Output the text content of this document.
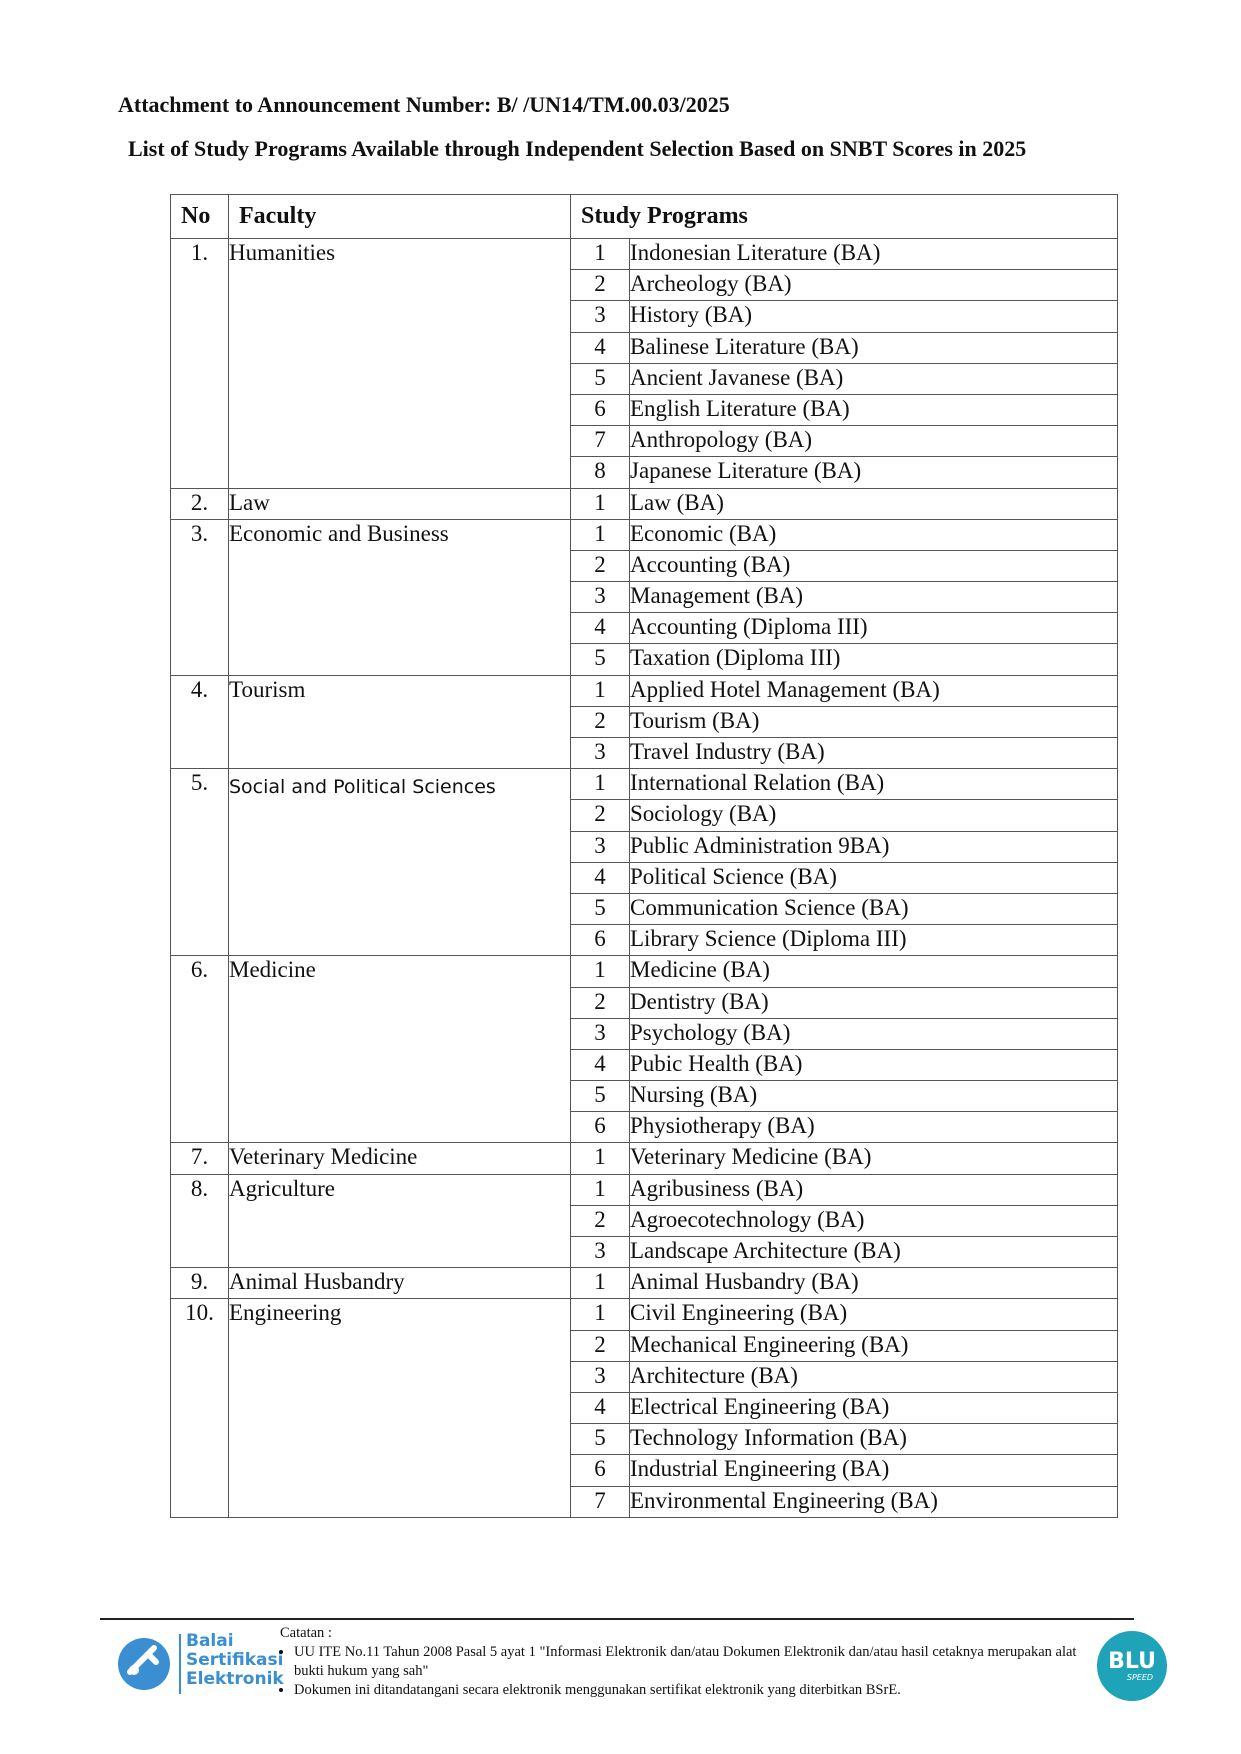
Attachment to Announcement Number: B/ /UN14/TM.00.03/2025
List of Study Programs Available through Independent Selection Based on SNBT Scores in 2025
No	Faculty	Study Programs	
1.	Humanities	1	Indonesian Literature (BA)
		2	Archeology (BA)
		3	History (BA)
		4	Balinese Literature (BA)
		5	Ancient Javanese (BA)
		6	English Literature (BA)
		7	Anthropology (BA)
		8	Japanese Literature (BA)
2.	Law	1	Law (BA)
3.	Economic and Business	1	Economic (BA)
		2	Accounting (BA)
		3	Management (BA)
		4	Accounting (Diploma III)
		5	Taxation (Diploma III)
4.	Tourism	1	Applied Hotel Management (BA)
		2	Tourism (BA)
		3	Travel Industry (BA)
5.	Social and Political Sciences	1	International Relation (BA)
		2	Sociology (BA)
		3	Public Administration 9BA)
		4	Political Science (BA)
		5	Communication Science (BA)
		6	Library Science (Diploma III)
6.	Medicine	1	Medicine (BA)
		2	Dentistry (BA)
		3	Psychology (BA)
		4	Pubic Health (BA)
		5	Nursing (BA)
		6	Physiotherapy (BA)
7.	Veterinary Medicine	1	Veterinary Medicine (BA)
8.	Agriculture	1	Agribusiness (BA)
		2	Agroecotechnology (BA)
		3	Landscape Architecture (BA)
9.	Animal Husbandry	1	Animal Husbandry (BA)
10.	Engineering	1	Civil Engineering (BA)
		2	Mechanical Engineering (BA)
		3	Architecture (BA)
		4	Electrical Engineering (BA)
		5	Technology Information (BA)
		6	Industrial Engineering (BA)
		7	Environmental Engineering (BA)
Balai
Sertifikasi
Elektronik
Catatan :
• UU ITE No.11 Tahun 2008 Pasal 5 ayat 1 "Informasi Elektronik dan/atau Dokumen Elektronik dan/atau hasil cetaknya merupakan alat bukti hukum yang sah"
• Dokumen ini ditandatangani secara elektronik menggunakan sertifikat elektronik yang diterbitkan BSrE.
BLU
SPEED
